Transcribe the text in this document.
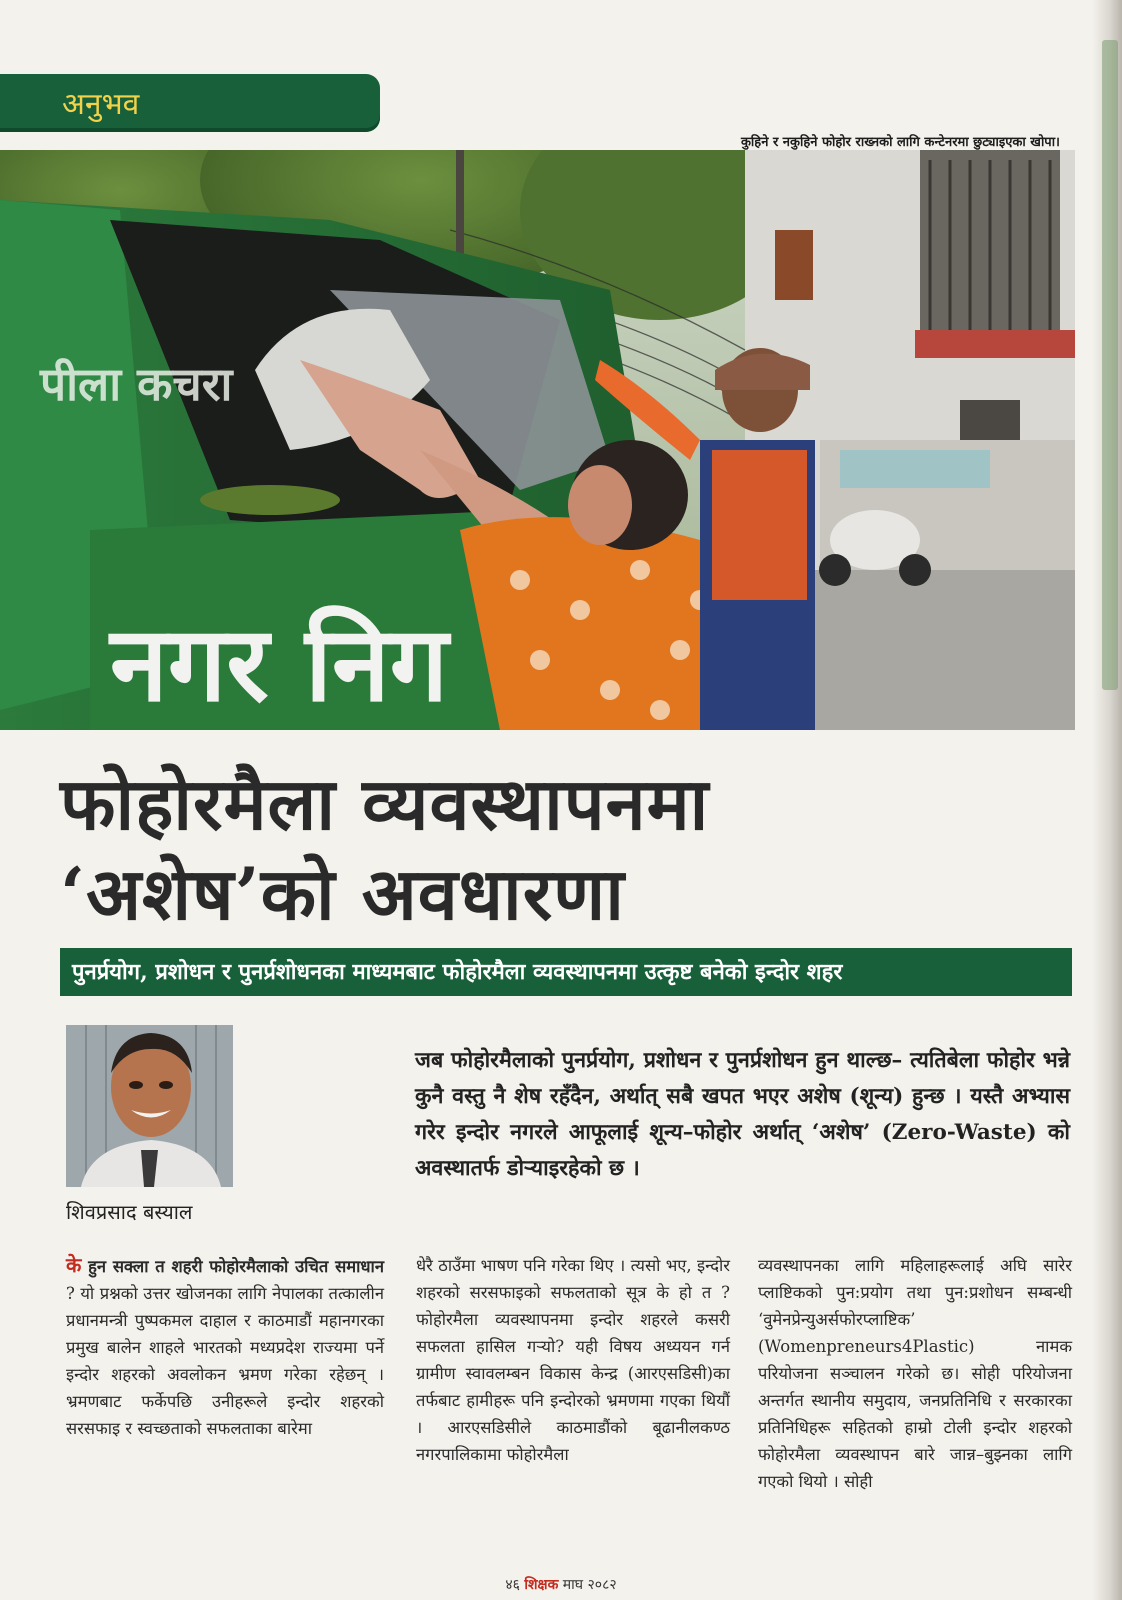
अनुभव
कुहिने र नकुहिने फोहोर राख्नको लागि कन्टेनरमा छुट्याइएका खोपा।
पीला कचरा
नगर निग
फोहोरमैला व्यवस्थापनमा
‘अशेष’को अवधारणा
पुनर्प्रयोग, प्रशोधन र पुनर्प्रशोधनका माध्यमबाट फोहोरमैला व्यवस्थापनमा उत्कृष्ट बनेको इन्दोर शहर
शिवप्रसाद बस्याल

जब फोहोरमैलाको पुनर्प्रयोग, प्रशोधन र पुनर्प्रशोधन हुन थाल्छ– त्यतिबेला फोहोर भन्ने कुनै वस्तु नै शेष रहँदैन, अर्थात् सबै खपत भएर अशेष (शून्य) हुन्छ । यस्तै अभ्यास गरेर इन्दोर नगरले आफूलाई शून्य–फोहोर अर्थात् ‘अशेष’ (Zero-Waste) को अवस्थातर्फ डोऱ्याइरहेको छ ।

के हुन सक्ला त शहरी फोहोरमैलाको उचित समाधान ? यो प्रश्नको उत्तर खोजनका लागि नेपालका तत्कालीन प्रधानमन्त्री पुष्पकमल दाहाल र काठमाडौं महानगरका प्रमुख बालेन शाहले भारतको मध्यप्रदेश राज्यमा पर्ने इन्दोर शहरको अवलोकन भ्रमण गरेका रहेछन् । भ्रमणबाट फर्केपछि उनीहरूले इन्दोर शहरको सरसफाइ र स्वच्छताको सफलताका बारेमा

धेरै ठाउँमा भाषण पनि गरेका थिए । त्यसो भए, इन्दोर शहरको सरसफाइको सफलताको सूत्र के हो त ? फोहोरमैला व्यवस्थापनमा इन्दोर शहरले कसरी सफलता हासिल गऱ्यो? यही विषय अध्ययन गर्न ग्रामीण स्वावलम्बन विकास केन्द्र (आरएसडिसी)का तर्फबाट हामीहरू पनि इन्दोरको भ्रमणमा गएका थियौं । आरएसडिसीले काठमाडौंको बूढानीलकण्ठ नगरपालिकामा फोहोरमैला

व्यवस्थापनका लागि महिलाहरूलाई अघि सारेर प्लाष्टिकको पुन:प्रयोग तथा पुन:प्रशोधन सम्बन्धी ‘वुमेनप्रेन्युअर्सफोरप्लाष्टिक’ (Womenpreneurs4Plastic) नामक परियोजना सञ्चालन गरेको छ। सोही परियोजना अन्तर्गत स्थानीय समुदाय, जनप्रतिनिधि र सरकारका प्रतिनिधिहरू सहितको हाम्रो टोली इन्दोर शहरको फोहोरमैला व्यवस्थापन बारे जान्न–बुझ्नका लागि गएको थियो । सोही

४६ शिक्षक माघ २०८२
